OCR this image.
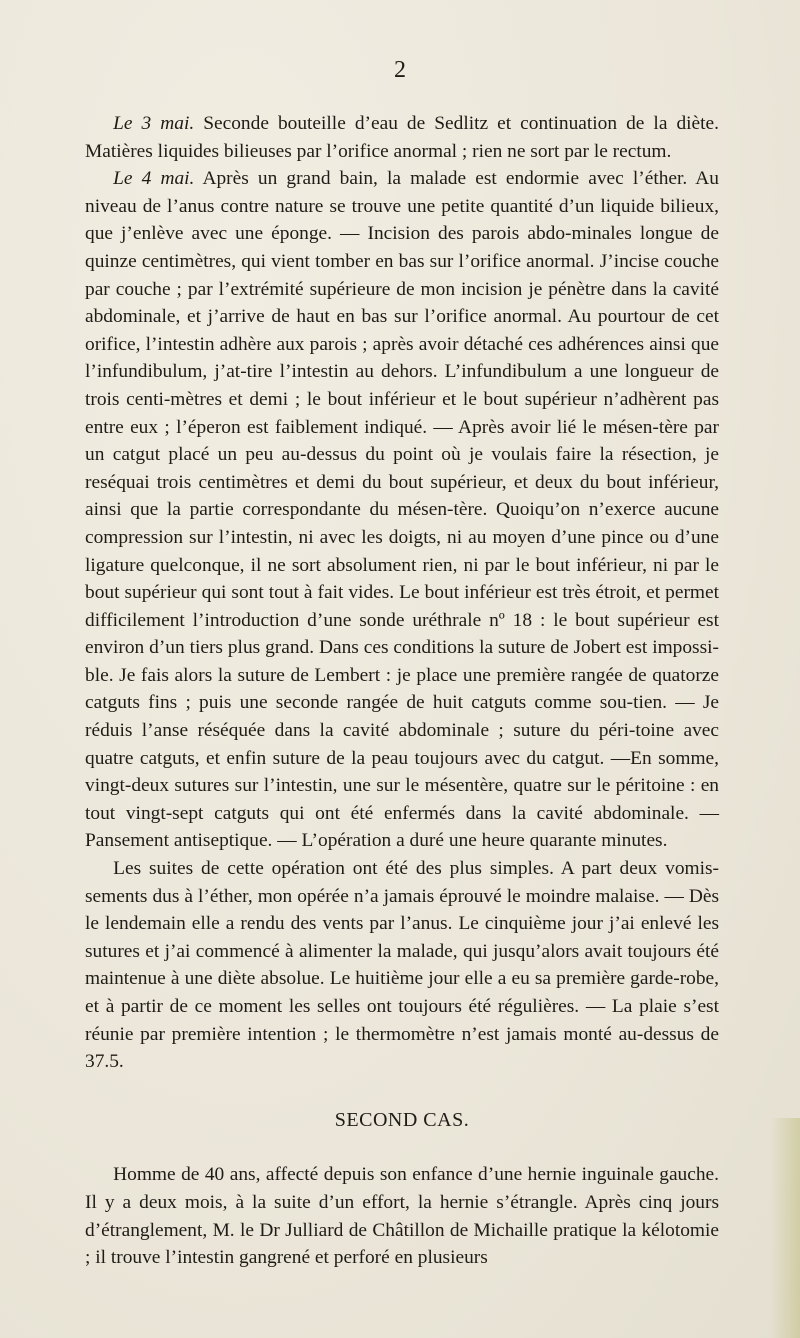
2

Le 3 mai. Seconde bouteille d’eau de Sedlitz et continuation de la diète. Matières liquides bilieuses par l’orifice anormal ; rien ne sort par le rectum.

Le 4 mai. Après un grand bain, la malade est endormie avec l’éther. Au niveau de l’anus contre nature se trouve une petite quantité d’un liquide bilieux, que j’enlève avec une éponge. — Incision des parois abdo-minales longue de quinze centimètres, qui vient tomber en bas sur l’orifice anormal. J’incise couche par couche ; par l’extrémité supérieure de mon incision je pénètre dans la cavité abdominale, et j’arrive de haut en bas sur l’orifice anormal. Au pourtour de cet orifice, l’intestin adhère aux parois ; après avoir détaché ces adhérences ainsi que l’infundibulum, j’at-tire l’intestin au dehors. L’infundibulum a une longueur de trois centi-mètres et demi ; le bout inférieur et le bout supérieur n’adhèrent pas entre eux ; l’éperon est faiblement indiqué. — Après avoir lié le mésen-tère par un catgut placé un peu au-dessus du point où je voulais faire la résection, je reséquai trois centimètres et demi du bout supérieur, et deux du bout inférieur, ainsi que la partie correspondante du mésen-tère. Quoiqu’on n’exerce aucune compression sur l’intestin, ni avec les doigts, ni au moyen d’une pince ou d’une ligature quelconque, il ne sort absolument rien, ni par le bout inférieur, ni par le bout supérieur qui sont tout à fait vides. Le bout inférieur est très étroit, et permet difficilement l’introduction d’une sonde uréthrale nº 18 : le bout supérieur est environ d’un tiers plus grand. Dans ces conditions la suture de Jobert est impossi-ble. Je fais alors la suture de Lembert : je place une première rangée de quatorze catguts fins ; puis une seconde rangée de huit catguts comme sou-tien. — Je réduis l’anse réséquée dans la cavité abdominale ; suture du péri-toine avec quatre catguts, et enfin suture de la peau toujours avec du catgut. —En somme, vingt-deux sutures sur l’intestin, une sur le mésentère, quatre sur le péritoine : en tout vingt-sept catguts qui ont été enfermés dans la cavité abdominale. — Pansement antiseptique. — L’opération a duré une heure quarante minutes.

Les suites de cette opération ont été des plus simples. A part deux vomis-sements dus à l’éther, mon opérée n’a jamais éprouvé le moindre malaise. — Dès le lendemain elle a rendu des vents par l’anus. Le cinquième jour j’ai enlevé les sutures et j’ai commencé à alimenter la malade, qui jusqu’alors avait toujours été maintenue à une diète absolue. Le huitième jour elle a eu sa première garde-robe, et à partir de ce moment les selles ont toujours été régulières. — La plaie s’est réunie par première intention ; le thermomètre n’est jamais monté au-dessus de 37.5.

SECOND CAS.

Homme de 40 ans, affecté depuis son enfance d’une hernie inguinale gauche. Il y a deux mois, à la suite d’un effort, la hernie s’étrangle. Après cinq jours d’étranglement, M. le Dr Julliard de Châtillon de Michaille pratique la kélotomie ; il trouve l’intestin gangrené et perforé en plusieurs
